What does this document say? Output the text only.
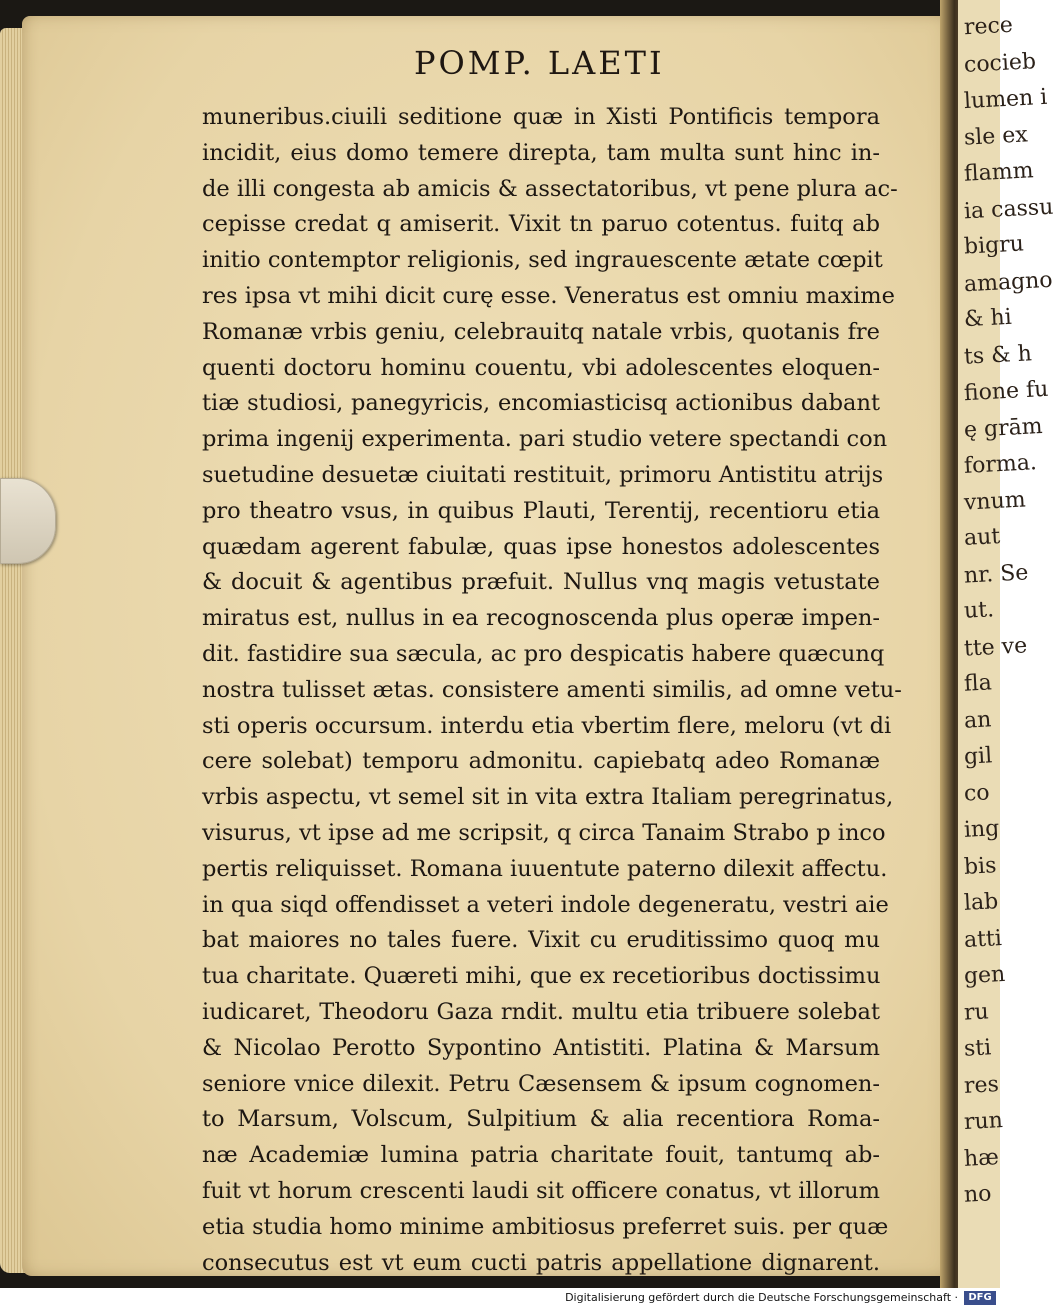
rece
cocieb
lumen i
sle ex
flamm
ia cassu
bigru
amagno
& hi
ts & h
fione fu
ę grām
forma.
vnum
aut
nr. Se
ut.
tte ve
fla
an
gil
co
ing
bis
lab
atti
gen
ru
sti
res
run
hæ
no
POMP. LAETI
muneribus.ciuili seditione quæ in Xisti Pontificis tempora
incidit, eius domo temere direpta, tam multa sunt hinc in-
de illi congesta ab amicis & assectatoribus, vt pene plura ac-
cepisse credat q amiserit. Vixit tn paruo cotentus. fuitq ab
initio contemptor religionis, sed ingrauescente ætate cœpit
res ipsa vt mihi dicit curę esse. Veneratus est omniu maxime
Romanæ vrbis geniu, celebrauitq natale vrbis, quotanis fre
quenti doctoru hominu couentu, vbi adolescentes eloquen-
tiæ studiosi, panegyricis, encomiasticisq actionibus dabant
prima ingenij experimenta. pari studio vetere spectandi con
suetudine desuetæ ciuitati restituit, primoru Antistitu atrijs
pro theatro vsus, in quibus Plauti, Terentij, recentioru etia
quædam agerent fabulæ, quas ipse honestos adolescentes
& docuit & agentibus præfuit. Nullus vnq magis vetustate
miratus est, nullus in ea recognoscenda plus operæ impen-
dit. fastidire sua sæcula, ac pro despicatis habere quæcunq
nostra tulisset ætas. consistere amenti similis, ad omne vetu-
sti operis occursum. interdu etia vbertim flere, meloru (vt di
cere solebat) temporu admonitu. capiebatq adeo Romanæ
vrbis aspectu, vt semel sit in vita extra Italiam peregrinatus,
visurus, vt ipse ad me scripsit, q circa Tanaim Strabo p inco
pertis reliquisset. Romana iuuentute paterno dilexit affectu.
in qua siqd offendisset a veteri indole degeneratu, vestri aie
bat maiores no tales fuere. Vixit cu eruditissimo quoq mu
tua charitate. Quæreti mihi, que ex recetioribus doctissimu
iudicaret, Theodoru Gaza rndit. multu etia tribuere solebat
& Nicolao Perotto Sypontino Antistiti. Platina & Marsum
seniore vnice dilexit. Petru Cæsensem & ipsum cognomen-
to Marsum, Volscum, Sulpitium & alia recentiora Roma-
næ Academiæ lumina patria charitate fouit, tantumq ab-
fuit vt horum crescenti laudi sit officere conatus, vt illorum
etia studia homo minime ambitiosus preferret suis. per quæ
consecutus est vt eum cucti patris appellatione dignarent.
Digitalisierung gefördert durch die Deutsche Forschungsgemeinschaft ·	DFG
